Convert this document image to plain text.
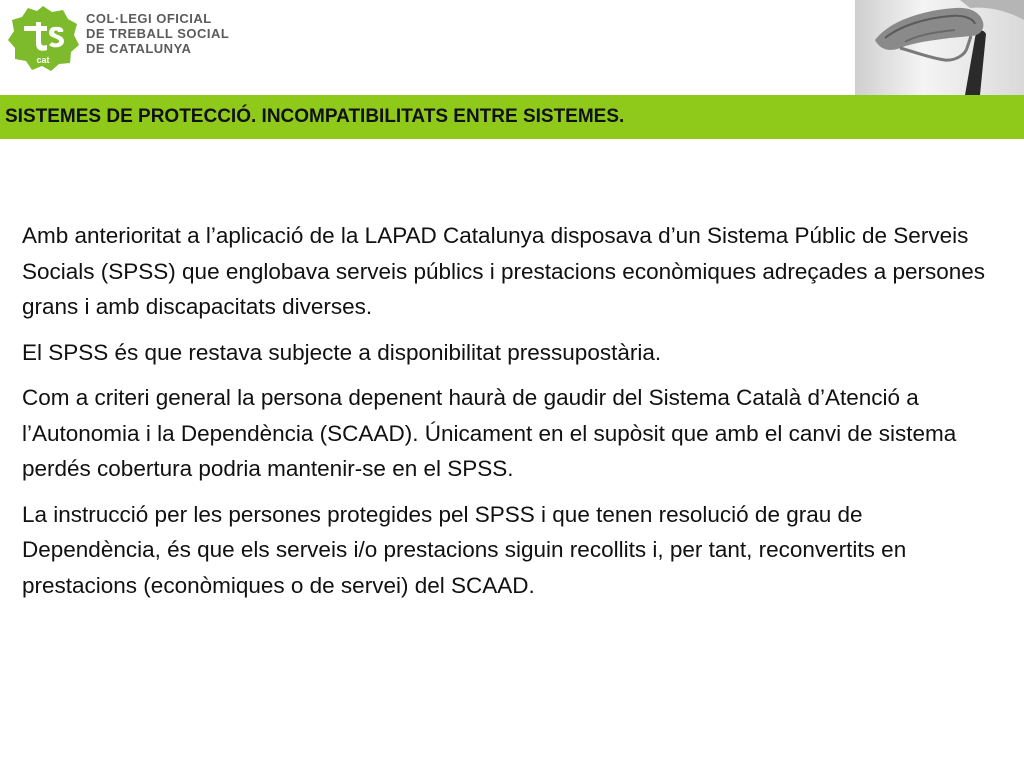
cat
COL·LEGI OFICIAL
DE TREBALL SOCIAL
DE CATALUNYA
SISTEMES DE PROTECCIÓ. INCOMPATIBILITATS ENTRE SISTEMES.

Amb anterioritat a l’aplicació de la LAPAD Catalunya disposava d’un Sistema Públic de Serveis Socials (SPSS) que englobava serveis públics i prestacions econòmiques adreçades a persones grans i amb discapacitats diverses.

El SPSS és que restava subjecte a disponibilitat pressupostària.

Com a criteri general la persona depenent haurà de gaudir del Sistema Català d’Atenció a l’Autonomia i la Dependència (SCAAD). Únicament en el supòsit que amb el canvi de sistema perdés cobertura podria mantenir-se en el SPSS.

La instrucció per les persones protegides pel SPSS i que tenen resolució de grau de Dependència, és que els serveis i/o prestacions siguin recollits i, per tant, reconvertits en prestacions (econòmiques o de servei) del SCAAD.
